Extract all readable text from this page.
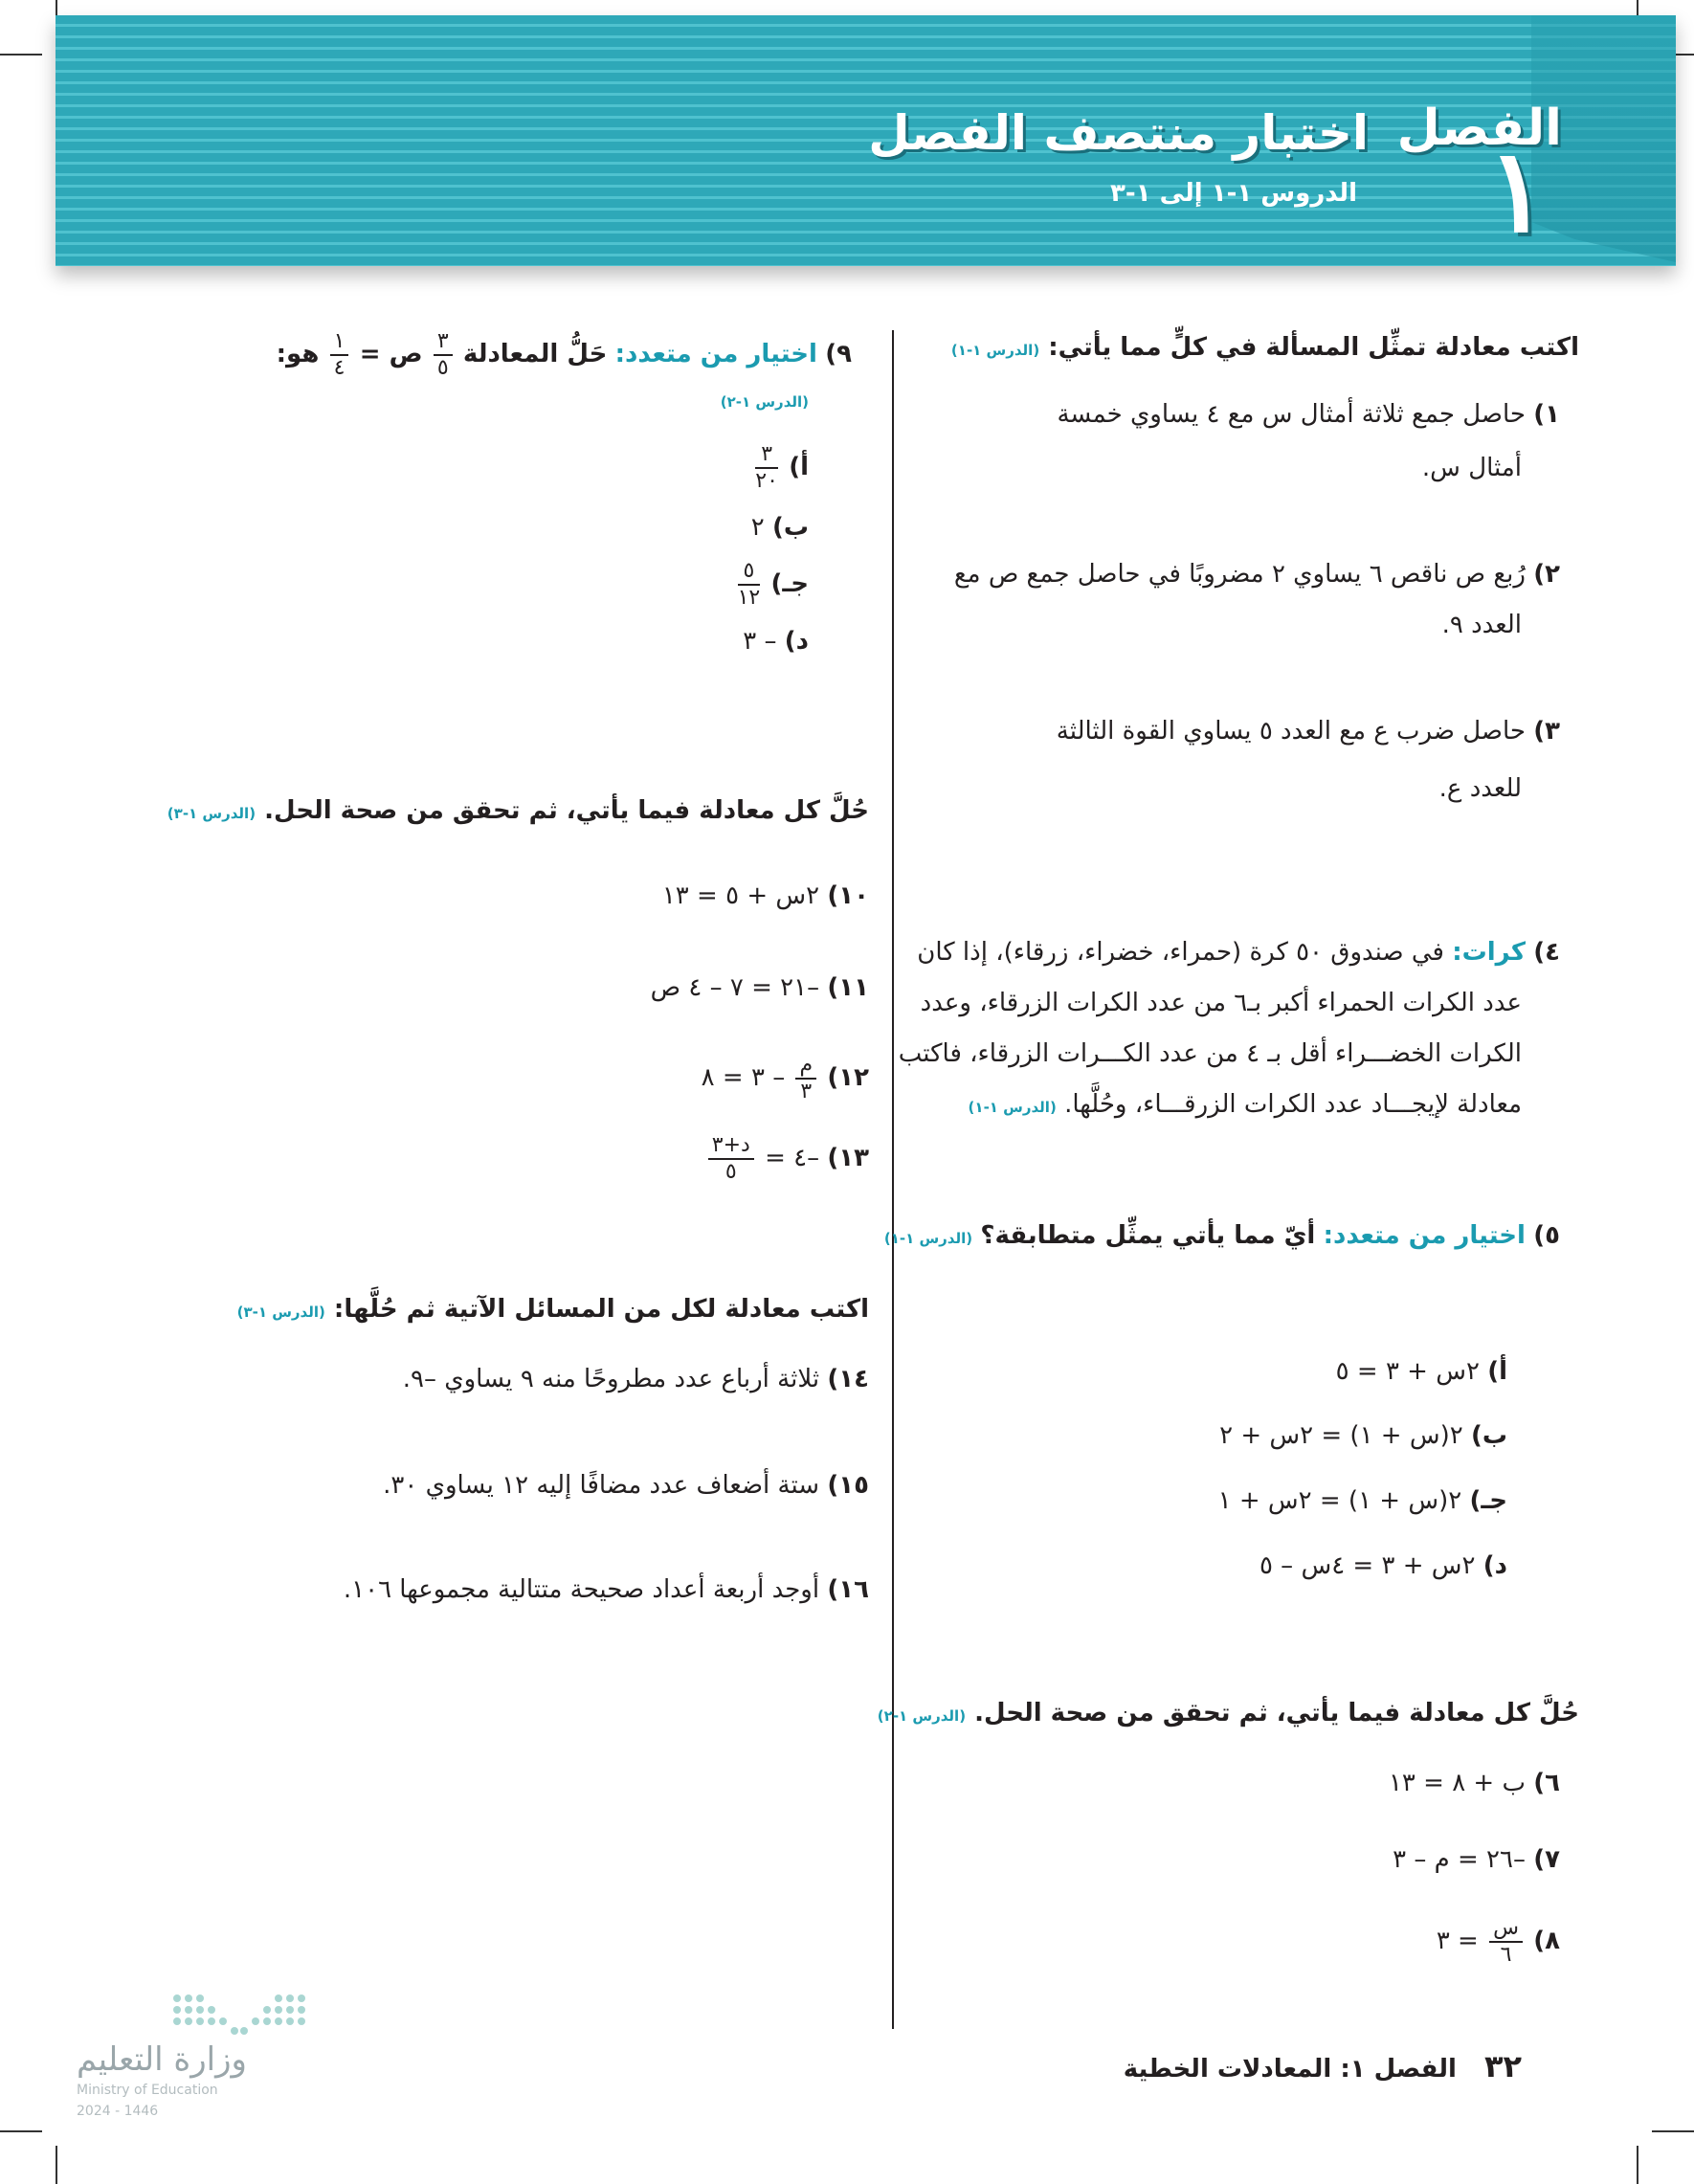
الفصل
١
اختبار منتصف الفصل
الدروس ١-١ إلى ١-٣
اكتب معادلة تمثِّل المسألة في كلٍّ مما يأتي: (الدرس ١-١)
١) حاصل جمع ثلاثة أمثال س مع ٤ يساوي خمسة
أمثال س.
٢) رُبع ص ناقص ٦ يساوي ٢ مضروبًا في حاصل جمع ص مع
العدد ٩.
٣) حاصل ضرب ع مع العدد ٥ يساوي القوة الثالثة
للعدد ع.
٤) كرات: في صندوق ٥٠ كرة (حمراء، خضراء، زرقاء)، إذا كان
عدد الكرات الحمراء أكبر بـ٦ من عدد الكرات الزرقاء، وعدد
الكرات الخضـــراء أقل بـ ٤ من عدد الكـــرات الزرقاء، فاكتب
معادلة لإيجـــاد عدد الكرات الزرقـــاء، وحُلَّها. (الدرس ١-١)
٥) اختيار من متعدد: أيّ مما يأتي يمثِّل متطابقة؟ (الدرس ١-١)
أ) ٢س + ٣ = ٥
ب) ٢(س + ١) = ٢س + ٢
جـ) ٢(س + ١) = ٢س + ١
د) ٢س + ٣ = ٤س – ٥
حُلَّ كل معادلة فيما يأتي، ثم تحقق من صحة الحل. (الدرس ١-٢)
٦) ب + ٨ = ١٣
٧) –٢٦ = م – ٣
٨)
$\frac{\text{س}}{٦}$
= ٣
٩) اختيار من متعدد: حَلُّ المعادلة
$\frac{٣}{٥}$
ص =
$\frac{١}{٤}$
هو:
(الدرس ١-٢)
أ)
$\frac{٣}{٢٠}$
ب) ٢
جـ)
$\frac{٥}{١٢}$
د) – ٣
حُلَّ كل معادلة فيما يأتي، ثم تحقق من صحة الحل. (الدرس ١-٣)
١٠) ٢س + ٥ = ١٣
١١) –٢١ = ٧ – ٤ ص
١٢)
$\frac{\text{م}}{٣}$
– ٣ = ٨
١٣) –٤ =
$\frac{\text{د+٣}}{٥}$
اكتب معادلة لكل من المسائل الآتية ثم حُلَّها: (الدرس ١-٣)
١٤) ثلاثة أرباع عدد مطروحًا منه ٩ يساوي –٩.
١٥) ستة أضعاف عدد مضافًا إليه ١٢ يساوي ٣٠.
١٦) أوجد أربعة أعداد صحيحة متتالية مجموعها ١٠٦.
٣٢ الفصل ١: المعادلات الخطية
وزارة التعليم
Ministry of Education
2024 - 1446
